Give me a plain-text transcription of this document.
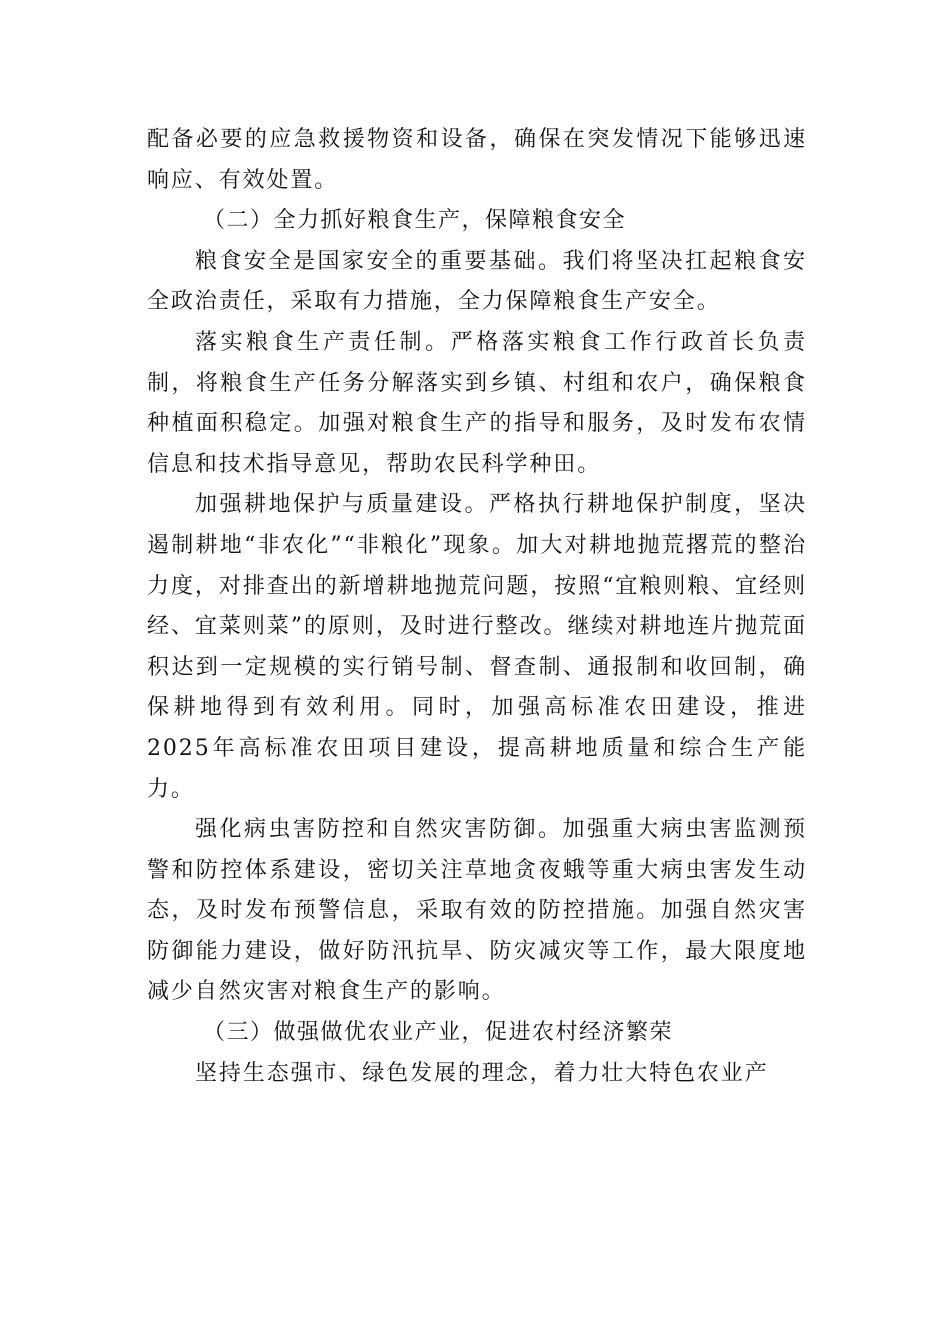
配备必要的应急救援物资和设备，确保在突发情况下能够迅速响应、有效处置。

（二）全力抓好粮食生产，保障粮食安全

粮食安全是国家安全的重要基础。我们将坚决扛起粮食安全政治责任，采取有力措施，全力保障粮食生产安全。

落实粮食生产责任制。严格落实粮食工作行政首长负责制，将粮食生产任务分解落实到乡镇、村组和农户，确保粮食种植面积稳定。加强对粮食生产的指导和服务，及时发布农情信息和技术指导意见，帮助农民科学种田。

加强耕地保护与质量建设。严格执行耕地保护制度，坚决遏制耕地“非农化”“非粮化”现象。加大对耕地抛荒撂荒的整治力度，对排查出的新增耕地抛荒问题，按照“宜粮则粮、宜经则经、宜菜则菜”的原则，及时进行整改。继续对耕地连片抛荒面积达到一定规模的实行销号制、督查制、通报制和收回制，确保耕地得到有效利用。同时，加强高标准农田建设，推进2025年高标准农田项目建设，提高耕地质量和综合生产能力。

强化病虫害防控和自然灾害防御。加强重大病虫害监测预警和防控体系建设，密切关注草地贪夜蛾等重大病虫害发生动态，及时发布预警信息，采取有效的防控措施。加强自然灾害防御能力建设，做好防汛抗旱、防灾减灾等工作，最大限度地减少自然灾害对粮食生产的影响。

（三）做强做优农业产业，促进农村经济繁荣

坚持生态强市、绿色发展的理念，着力壮大特色农业产
